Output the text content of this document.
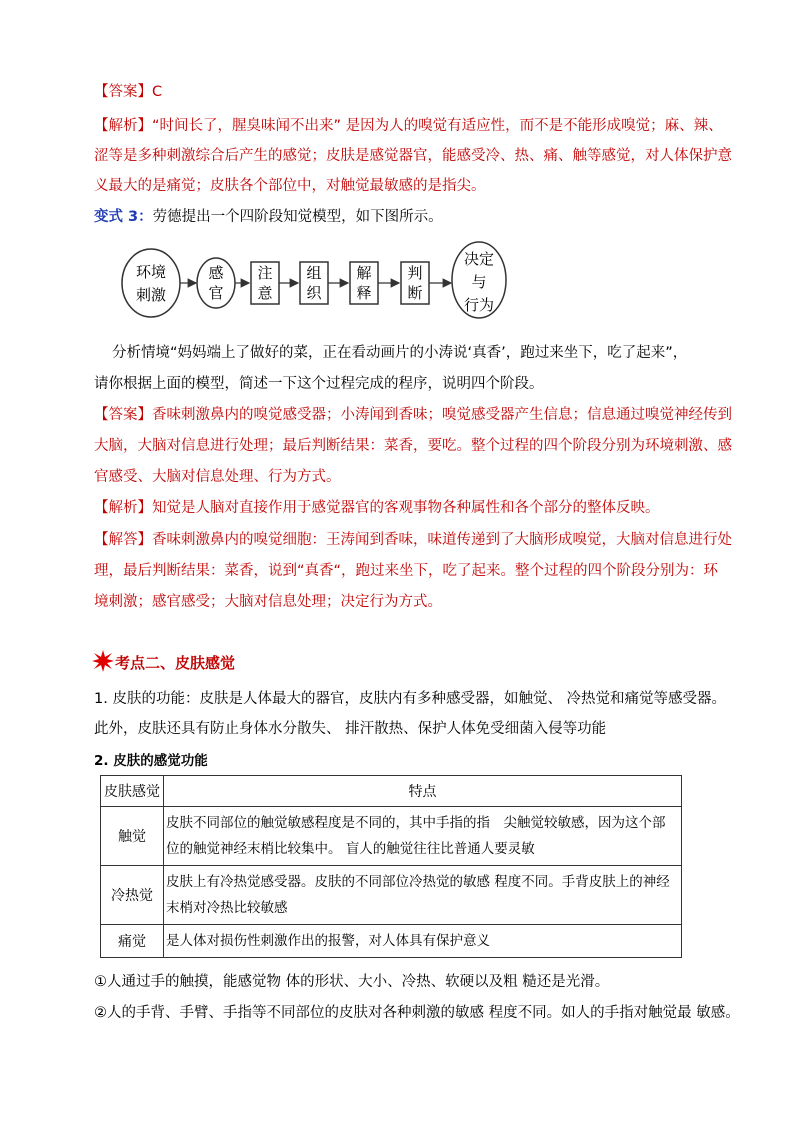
【答案】C
【解析】“时间长了，腥臭味闻不出来” 是因为人的嗅觉有适应性，而不是不能形成嗅觉；麻、辣、
涩等是多种刺激综合后产生的感觉；皮肤是感觉器官，能感受冷、热、痛、触等感觉，对人体保护意
义最大的是痛觉；皮肤各个部位中，对触觉最敏感的是指尖。
变式 3：劳德提出一个四阶段知觉模型，如下图所示。
环境
刺激
感
官
注
意
组
织
解
释
判
断
决定
与
行为
分析情境“妈妈端上了做好的菜，正在看动画片的小涛说‘真香’，跑过来坐下，吃了起来”，
请你根据上面的模型，简述一下这个过程完成的程序，说明四个阶段。
【答案】香味刺激鼻内的嗅觉感受器；小涛闻到香味；嗅觉感受器产生信息；信息通过嗅觉神经传到
大脑，大脑对信息进行处理；最后判断结果：菜香，要吃。整个过程的四个阶段分别为环境刺激、感
官感受、大脑对信息处理、行为方式。
【解析】知觉是人脑对直接作用于感觉器官的客观事物各种属性和各个部分的整体反映。
【解答】香味刺激鼻内的嗅觉细胞：王涛闻到香味，味道传递到了大脑形成嗅觉，大脑对信息进行处
理，最后判断结果：菜香，说到“真香“，跑过来坐下，吃了起来。整个过程的四个阶段分别为：环
境刺激；感官感受；大脑对信息处理；决定行为方式。
考点二、皮肤感觉
1. 皮肤的功能：皮肤是人体最大的器官，皮肤内有多种感受器，如触觉、 冷热觉和痛觉等感受器。
此外，皮肤还具有防止身体水分散失、 排汗散热、保护人体免受细菌入侵等功能
2. 皮肤的感觉功能
皮肤感觉	特点
触觉	皮肤不同部位的触觉敏感程度是不同的，其中手指的指　尖触觉较敏感，因为这个部
位的触觉神经末梢比较集中。 盲人的触觉往往比普通人要灵敏

冷热觉	皮肤上有冷热觉感受器。皮肤的不同部位冷热觉的敏感 程度不同。手背皮肤上的神经
末梢对冷热比较敏感

痛觉	是人体对损伤性刺激作出的报警，对人体具有保护意义
①人通过手的触摸，能感觉物 体的形状、大小、冷热、软硬以及粗 糙还是光滑。
②人的手背、手臂、手指等不同部位的皮肤对各种刺激的敏感 程度不同。如人的手指对触觉最 敏感。
